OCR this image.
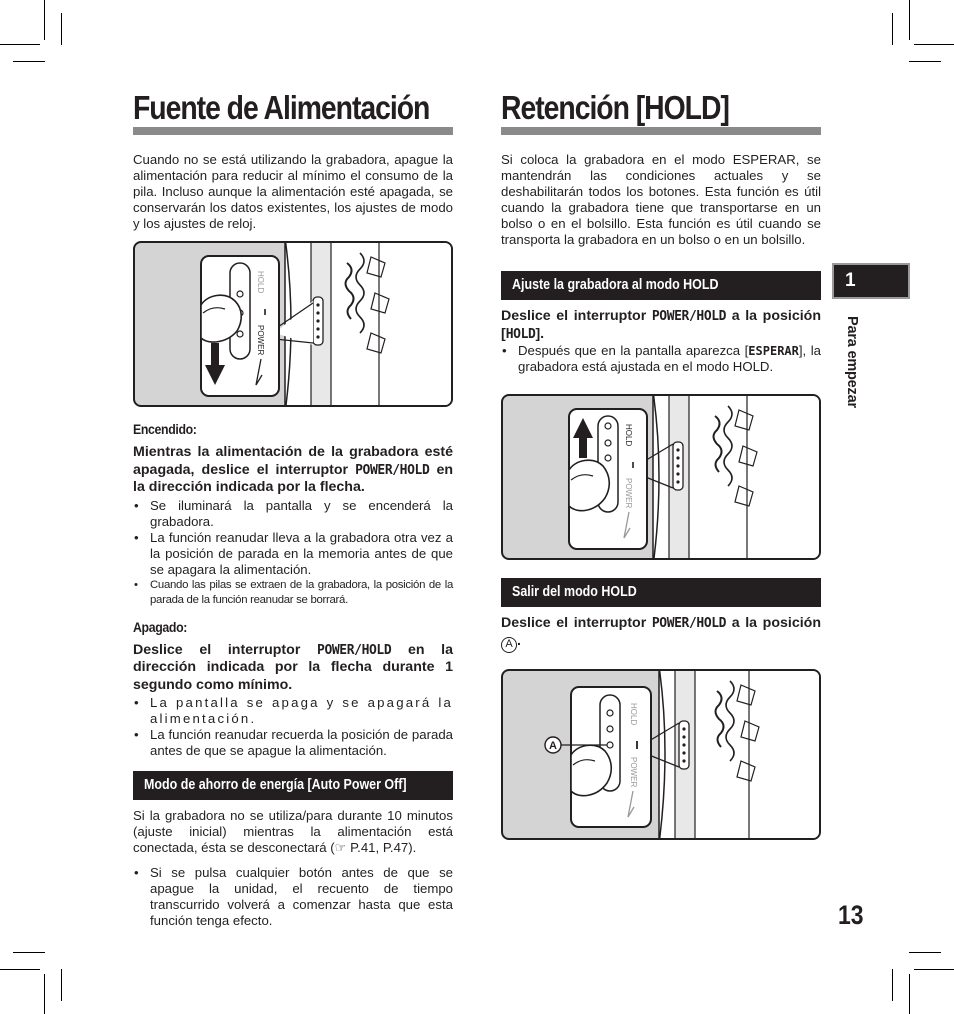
Fuente de Alimentación

Cuando no se está utilizando la grabadora, apague la alimentación para reducir al mínimo el consumo de la pila. Incluso aunque la alimentación esté apagada, se conservarán los datos existentes, los ajustes de modo y los ajustes de reloj.

HOLD
POWER
Encendido:

Mientras la alimentación de la grabadora esté apagada, deslice el interruptor POWER/HOLD en la dirección indicada por la flecha.

• Se iluminará la pantalla y se encenderá la grabadora.
• La función reanudar lleva a la grabadora otra vez a la posición de parada en la memoria antes de que se apagara la alimentación.
• Cuando las pilas se extraen de la grabadora, la posición de la parada de la función reanudar se borrará.
Apagado:

Deslice el interruptor POWER/HOLD en la dirección indicada por la flecha durante 1 segundo como mínimo.

• La pantalla se apaga y se apagará la alimentación.
• La función reanudar recuerda la posición de parada antes de que se apague la alimentación.
Modo de ahorro de energía [Auto Power Off]

Si la grabadora no se utiliza/para durante 10 minutos (ajuste inicial) mientras la alimentación está conectada, ésta se desconectará (☞ P.41, P.47).

• Si se pulsa cualquier botón antes de que se apague la unidad, el recuento de tiempo transcurrido volverá a comenzar hasta que esta función tenga efecto.
Retención [HOLD]

Si coloca la grabadora en el modo ESPERAR, se mantendrán las condiciones actuales y se deshabilitarán todos los botones. Esta función es útil cuando la grabadora tiene que transportarse en un bolso o en el bolsillo. Esta función es útil cuando se transporta la grabadora en un bolso o en un bolsillo.

Ajuste la grabadora al modo HOLD

Deslice el interruptor POWER/HOLD a la posición [HOLD].

• Después que en la pantalla aparezca [ESPERAR], la grabadora está ajustada en el modo HOLD.
HOLD
POWER
Salir del modo HOLD

Deslice el interruptor POWER/HOLD a la posición A .

HOLD
POWER
A
1
Para empezar
13
